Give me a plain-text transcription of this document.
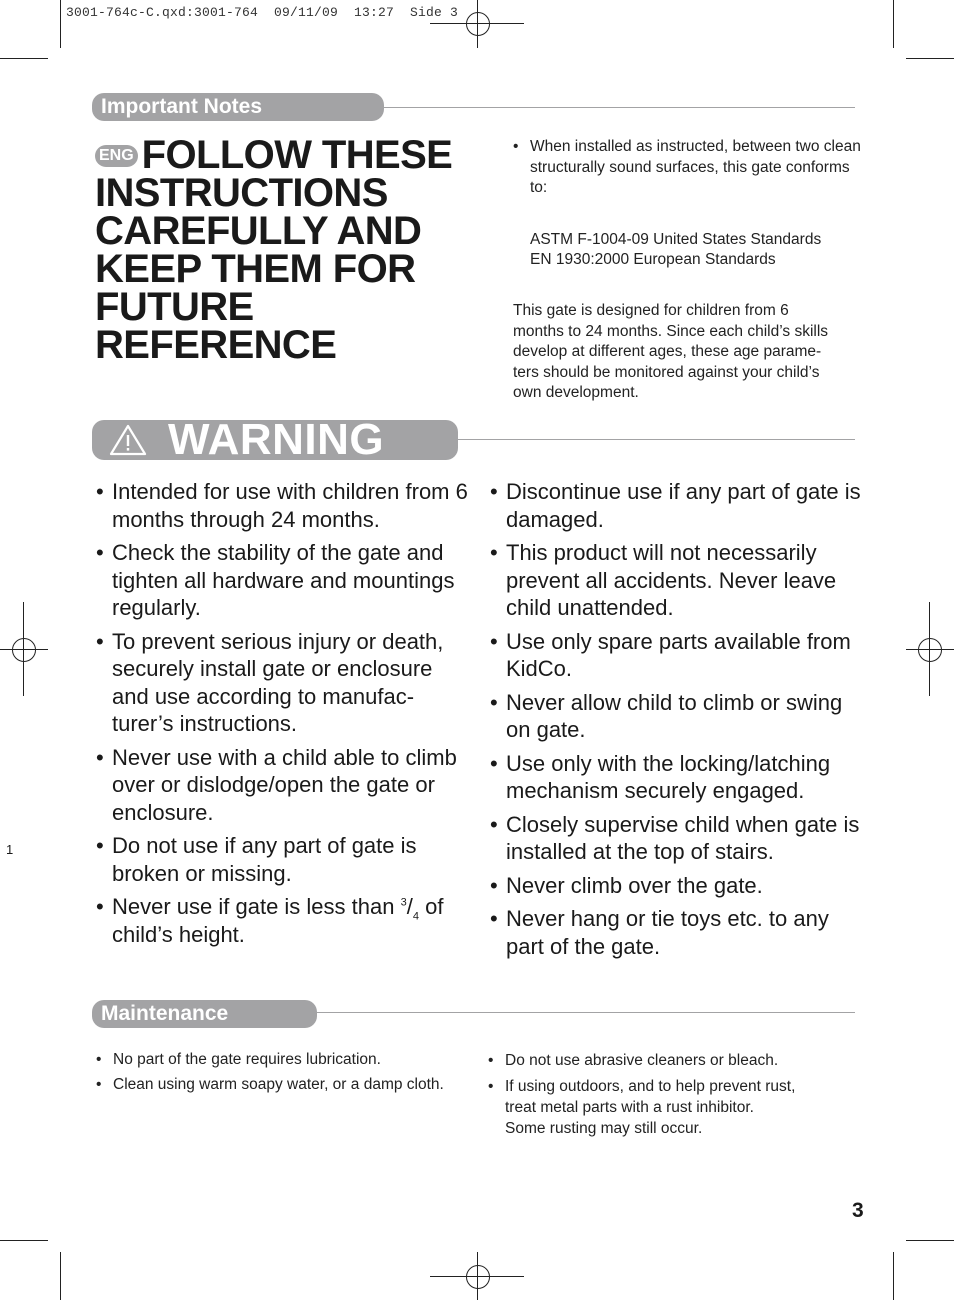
3001-764c-C.qxd:3001-764  09/11/09  13:27  Side 3
1
Important Notes
ENG FOLLOW THESE
INSTRUCTIONS
CAREFULLY AND
KEEP THEM FOR
FUTURE REFERENCE
• When installed as instructed, between two clean structurally sound surfaces, this gate conforms to:
ASTM F-1004-09 United States Standards
EN 1930:2000 European Standards
This gate is designed for children from 6
months to 24 months. Since each child’s skills
develop at different ages, these age parame-
ters should be monitored against your child’s
own development.
WARNING
• Intended for use with children from 6 months through 24 months.
• Check the stability of the gate and tighten all hardware and mountings regularly.
• To prevent serious injury or death, securely install gate or enclosure and use according to manufac- turer’s instructions.
• Never use with a child able to climb over or dislodge/open the gate or enclosure.
• Do not use if any part of gate is broken or missing.
• Never use if gate is less than $^3/_4$ of child’s height.
• Discontinue use if any part of gate is damaged.
• This product will not necessarily prevent all accidents. Never leave child unattended.
• Use only spare parts available from KidCo.
• Never allow child to climb or swing   on gate.
• Use only with the locking/latching mechanism securely engaged.
• Closely supervise child when gate is installed at the top of stairs.
• Never climb over the gate.
• Never hang or tie toys etc. to any part of the gate.
Maintenance
• No part of the gate requires lubrication.
• Clean using warm soapy water, or a damp cloth.
• Do not use abrasive cleaners or bleach.
• If using outdoors, and to help prevent rust,
treat metal parts with a rust inhibitor.
Some rusting may still occur.
3
